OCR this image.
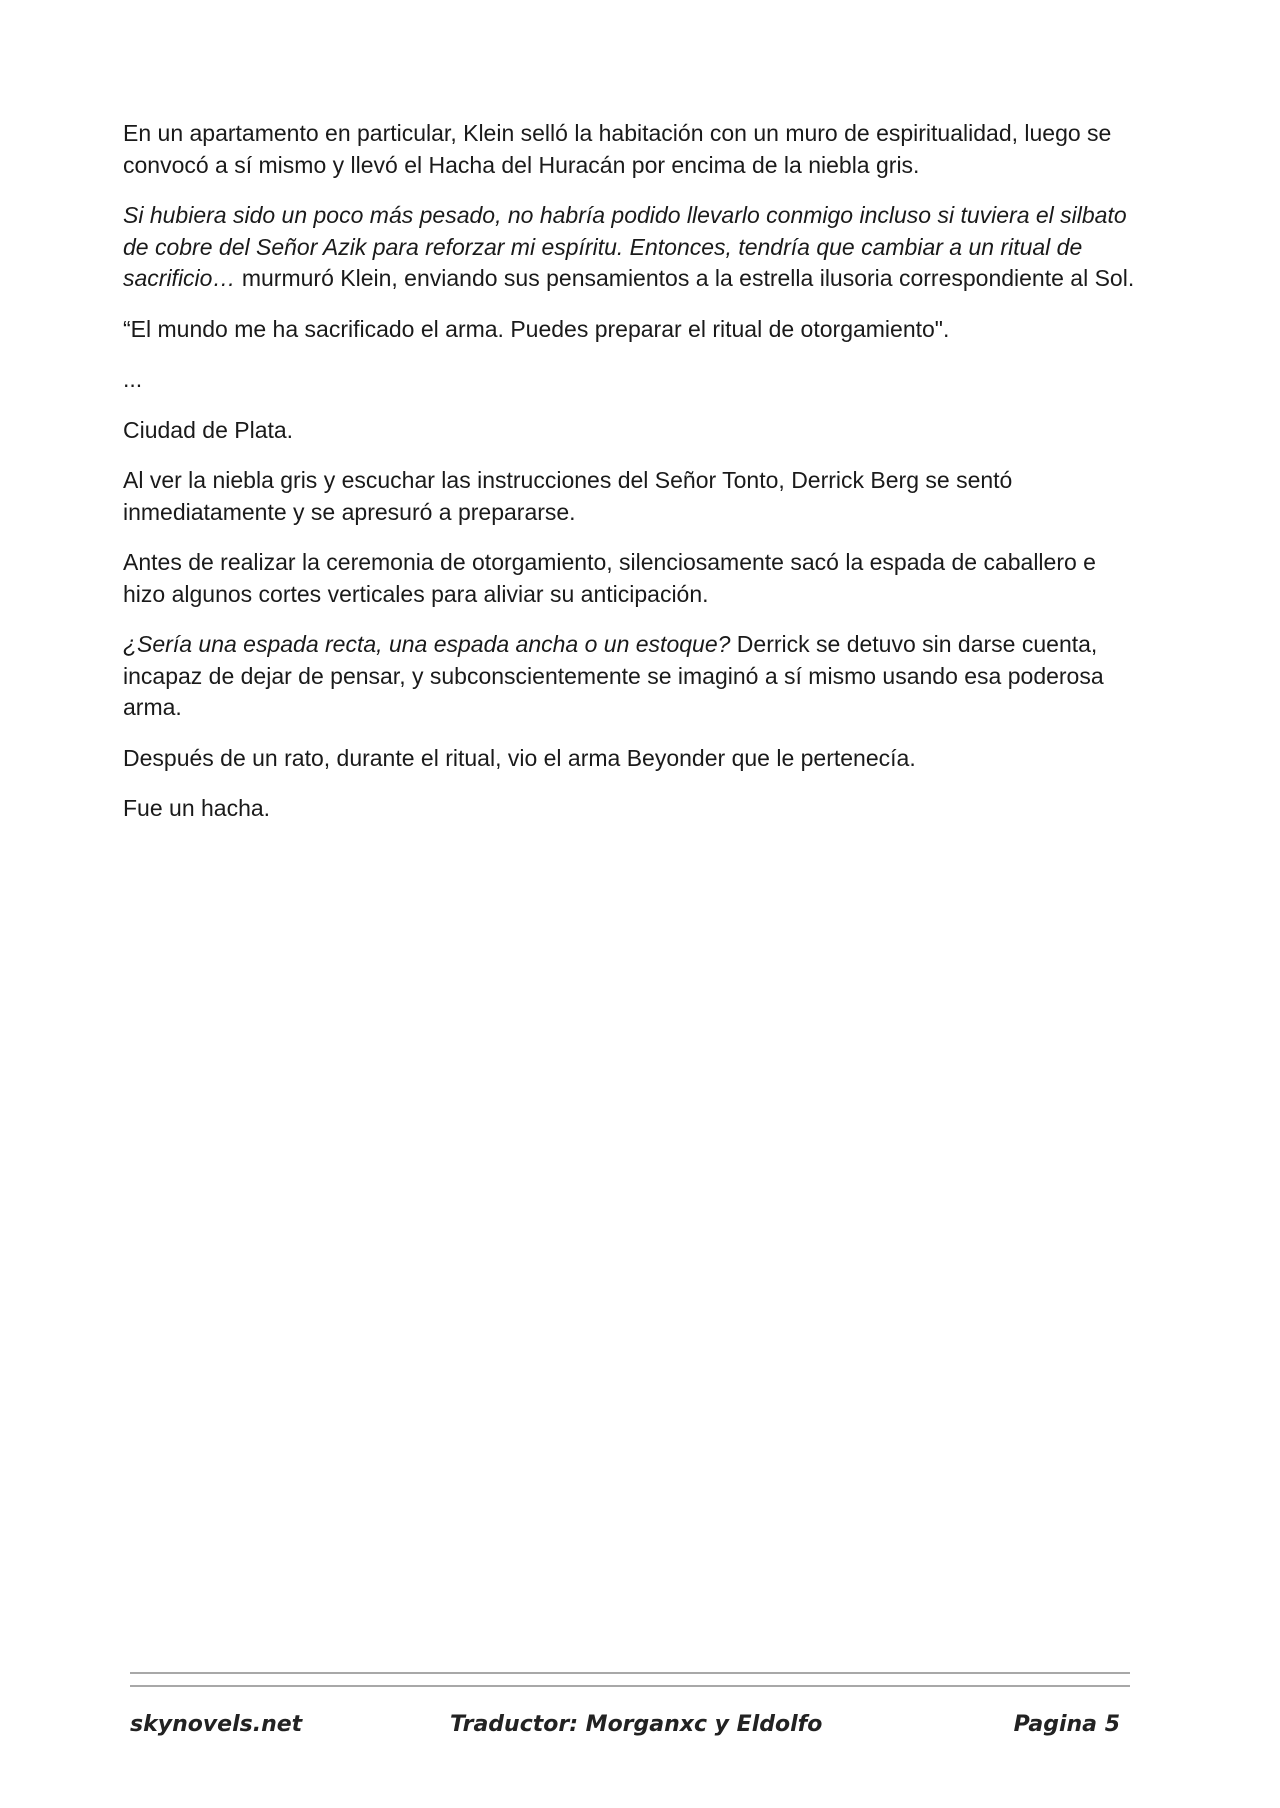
En un apartamento en particular, Klein selló la habitación con un muro de espiritualidad, luego se convocó a sí mismo y llevó el Hacha del Huracán por encima de la niebla gris.

Si hubiera sido un poco más pesado, no habría podido llevarlo conmigo incluso si tuviera el silbato de cobre del Señor Azik para reforzar mi espíritu. Entonces, tendría que cambiar a un ritual de sacrificio… murmuró Klein, enviando sus pensamientos a la estrella ilusoria correspondiente al Sol.

“El mundo me ha sacrificado el arma. Puedes preparar el ritual de otorgamiento".

...

Ciudad de Plata.

Al ver la niebla gris y escuchar las instrucciones del Señor Tonto, Derrick Berg se sentó inmediatamente y se apresuró a prepararse.

Antes de realizar la ceremonia de otorgamiento, silenciosamente sacó la espada de caballero e hizo algunos cortes verticales para aliviar su anticipación.

¿Sería una espada recta, una espada ancha o un estoque? Derrick se detuvo sin darse cuenta, incapaz de dejar de pensar, y subconscientemente se imaginó a sí mismo usando esa poderosa arma.

Después de un rato, durante el ritual, vio el arma Beyonder que le pertenecía.

Fue un hacha.

skynovels.net	Traductor: Morganxc y Eldolfo	Pagina 5
